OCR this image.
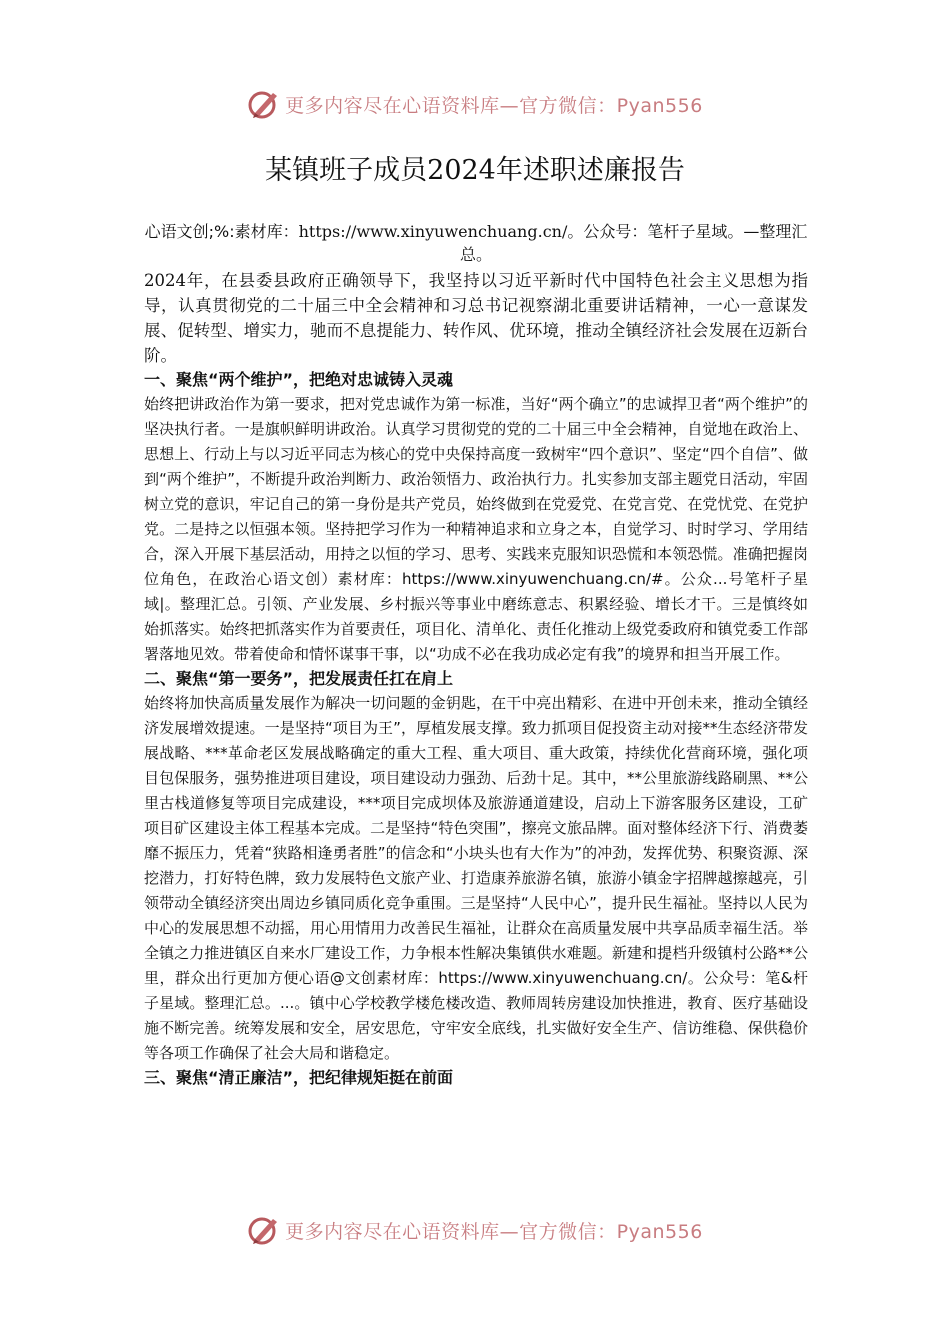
更多内容尽在心语资料库—官方微信：Pyan556
某镇班子成员2024年述职述廉报告

心语文创;%:素材库：https://www.xinyuwenchuang.cn/。公众号：笔杆子星域。—整理汇总。

2024年，在县委县政府正确领导下，我坚持以习近平新时代中国特色社会主义思想为指导，认真贯彻党的二十届三中全会精神和习总书记视察湖北重要讲话精神，一心一意谋发展、促转型、增实力，驰而不息提能力、转作风、优环境，推动全镇经济社会发展在迈新台阶。

一、聚焦“两个维护”，把绝对忠诚铸入灵魂

始终把讲政治作为第一要求，把对党忠诚作为第一标准，当好“两个确立”的忠诚捍卫者“两个维护”的坚决执行者。一是旗帜鲜明讲政治。认真学习贯彻党的党的二十届三中全会精神，自觉地在政治上、思想上、行动上与以习近平同志为核心的党中央保持高度一致树牢“四个意识”、坚定“四个自信”、做到“两个维护”，不断提升政治判断力、政治领悟力、政治执行力。扎实参加支部主题党日活动，牢固树立党的意识，牢记自己的第一身份是共产党员，始终做到在党爱党、在党言党、在党忧党、在党护党。二是持之以恒强本领。坚持把学习作为一种精神追求和立身之本，自觉学习、时时学习、学用结合，深入开展下基层活动，用持之以恒的学习、思考、实践来克服知识恐慌和本领恐慌。准确把握岗位角色，在政治心语文创）素材库：https://www.xinyuwenchuang.cn/#。公众...号笔杆子星域|。整理汇总。引领、产业发展、乡村振兴等事业中磨练意志、积累经验、增长才干。三是慎终如始抓落实。始终把抓落实作为首要责任，项目化、清单化、责任化推动上级党委政府和镇党委工作部署落地见效。带着使命和情怀谋事干事，以“功成不必在我功成必定有我”的境界和担当开展工作。

二、聚焦“第一要务”，把发展责任扛在肩上

始终将加快高质量发展作为解决一切问题的金钥匙，在干中亮出精彩、在进中开创未来，推动全镇经济发展增效提速。一是坚持“项目为王”，厚植发展支撑。致力抓项目促投资主动对接**生态经济带发展战略、***革命老区发展战略确定的重大工程、重大项目、重大政策，持续优化营商环境，强化项目包保服务，强势推进项目建设，项目建设动力强劲、后劲十足。其中，**公里旅游线路刷黑、**公里古栈道修复等项目完成建设，***项目完成坝体及旅游通道建设，启动上下游客服务区建设，工矿项目矿区建设主体工程基本完成。二是坚持“特色突围”，擦亮文旅品牌。面对整体经济下行、消费萎靡不振压力，凭着“狭路相逢勇者胜”的信念和“小块头也有大作为”的冲劲，发挥优势、积聚资源、深挖潜力，打好特色牌，致力发展特色文旅产业、打造康养旅游名镇，旅游小镇金字招牌越擦越亮，引领带动全镇经济突出周边乡镇同质化竞争重围。三是坚持“人民中心”，提升民生福祉。坚持以人民为中心的发展思想不动摇，用心用情用力改善民生福祉，让群众在高质量发展中共享品质幸福生活。举全镇之力推进镇区自来水厂建设工作，力争根本性解决集镇供水难题。新建和提档升级镇村公路**公里，群众出行更加方便心语@文创素材库：https://www.xinyuwenchuang.cn/。公众号：笔&杆子星域。整理汇总。...。镇中心学校教学楼危楼改造、教师周转房建设加快推进，教育、医疗基础设施不断完善。统筹发展和安全，居安思危，守牢安全底线，扎实做好安全生产、信访维稳、保供稳价等各项工作确保了社会大局和谐稳定。

三、聚焦“清正廉洁”，把纪律规矩挺在前面
更多内容尽在心语资料库—官方微信：Pyan556
